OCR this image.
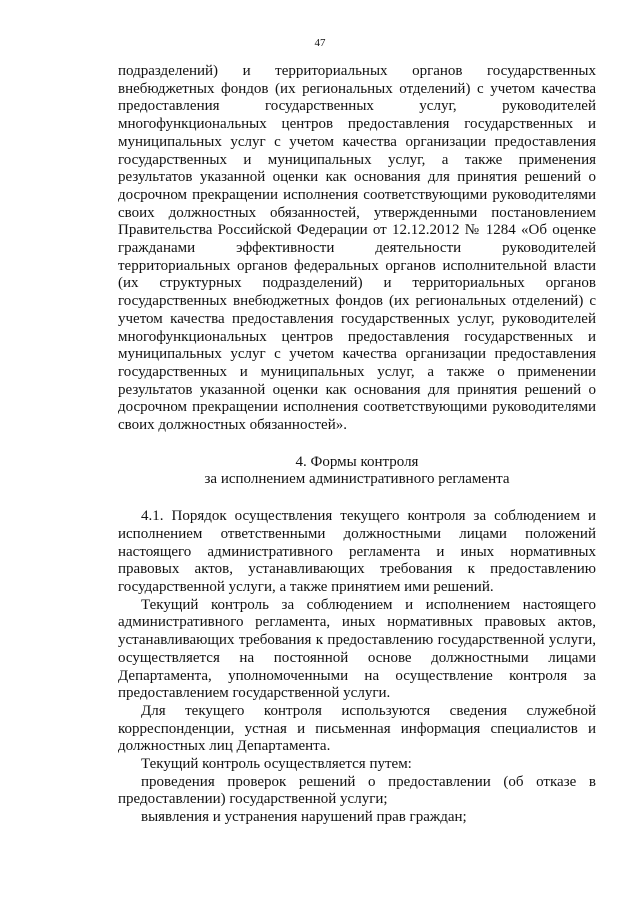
47

подразделений) и территориальных органов государственных внебюджетных фондов (их региональных отделений) с учетом качества предоставления государственных услуг, руководителей многофункциональных центров предоставления государственных и муниципальных услуг с учетом качества организации предоставления государственных и муниципальных услуг, а также применения результатов указанной оценки как основания для принятия решений о досрочном прекращении исполнения соответствующими руководителями своих должностных обязанностей, утвержденными постановлением Правительства Российской Федерации от 12.12.2012 № 1284 «Об оценке гражданами эффективности деятельности руководителей территориальных органов федеральных органов исполнительной власти (их структурных подразделений) и территориальных органов государственных внебюджетных фондов (их региональных отделений) с учетом качества предоставления государственных услуг, руководителей многофункциональных центров предоставления государственных и муниципальных услуг с учетом качества организации предоставления государственных и муниципальных услуг, а также о применении результатов указанной оценки как основания для принятия решений о досрочном прекращении исполнения соответствующими руководителями своих должностных обязанностей».

4. Формы контроля

за исполнением административного регламента

4.1. Порядок осуществления текущего контроля за соблюдением и исполнением ответственными должностными лицами положений настоящего административного регламента и иных нормативных правовых актов, устанавливающих требования к предоставлению государственной услуги, а также принятием ими решений.

Текущий контроль за соблюдением и исполнением настоящего административного регламента, иных нормативных правовых актов, устанавливающих требования к предоставлению государственной услуги, осуществляется на постоянной основе должностными лицами Департамента, уполномоченными на осуществление контроля за предоставлением государственной услуги.

Для текущего контроля используются сведения служебной корреспонденции, устная и письменная информация специалистов и должностных лиц Департамента.

Текущий контроль осуществляется путем:

проведения проверок решений о предоставлении (об отказе в предоставлении) государственной услуги;

выявления и устранения нарушений прав граждан;
